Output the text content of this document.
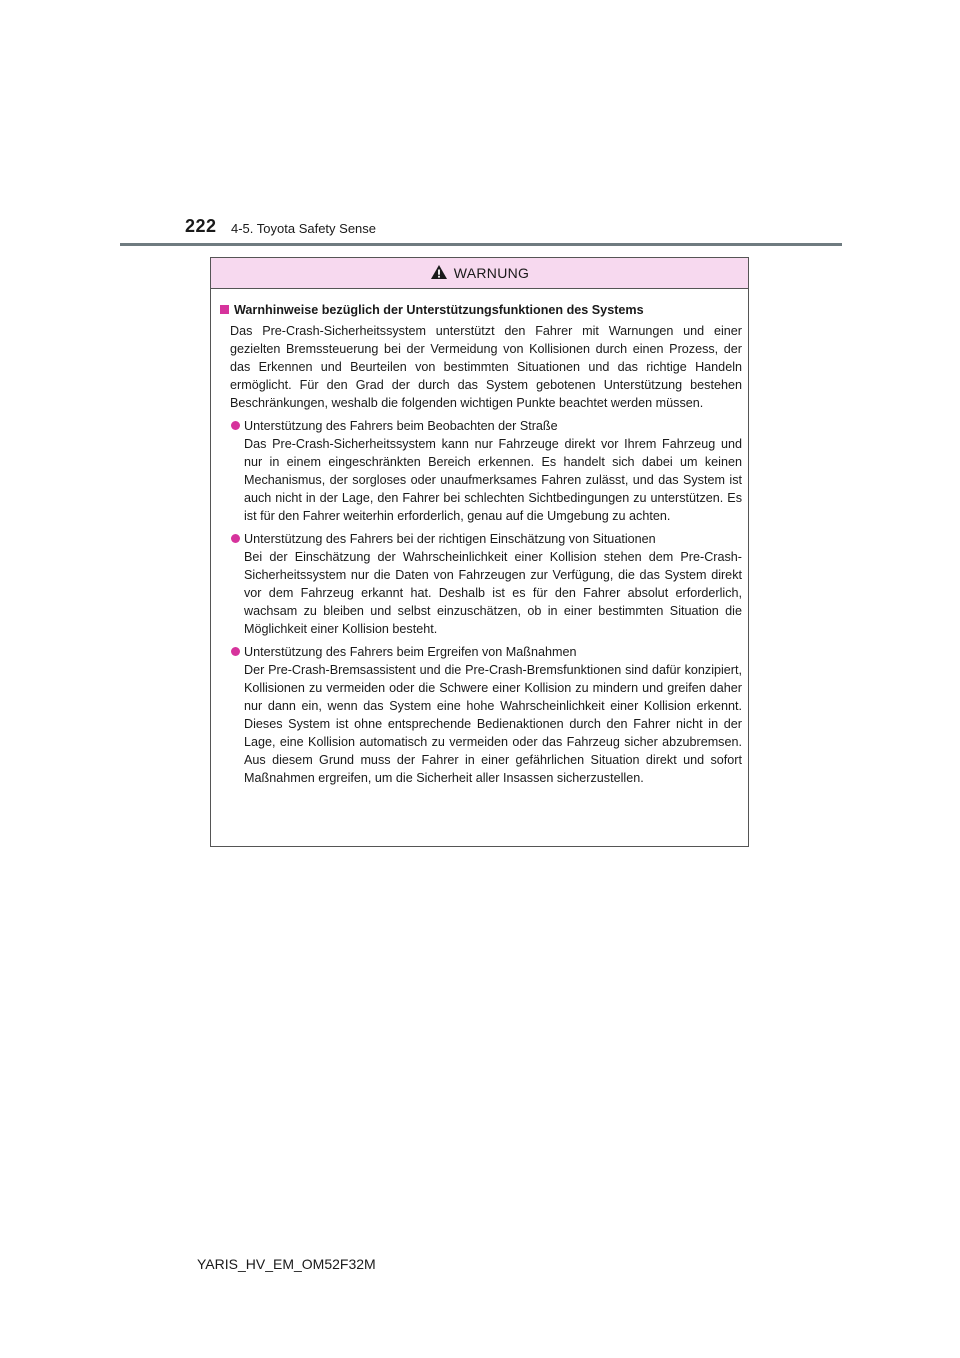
222 4-5. Toyota Safety Sense
WARNUNG
Warnhinweise bezüglich der Unterstützungsfunktionen des Systems
Das Pre-Crash-Sicherheitssystem unterstützt den Fahrer mit Warnungen und einer gezielten Bremssteuerung bei der Vermeidung von Kollisionen durch einen Prozess, der das Erkennen und Beurteilen von bestimmten Situationen und das richtige Handeln ermöglicht. Für den Grad der durch das System gebotenen Unterstützung bestehen Beschränkungen, weshalb die folgenden wichtigen Punkte beachtet werden müssen.
Unterstützung des Fahrers beim Beobachten der Straße
Das Pre-Crash-Sicherheitssystem kann nur Fahrzeuge direkt vor Ihrem Fahrzeug und nur in einem eingeschränkten Bereich erkennen. Es handelt sich dabei um keinen Mechanismus, der sorgloses oder unaufmerksames Fahren zulässt, und das System ist auch nicht in der Lage, den Fahrer bei schlechten Sichtbedingungen zu unterstützen. Es ist für den Fahrer weiterhin erforderlich, genau auf die Umgebung zu achten.
Unterstützung des Fahrers bei der richtigen Einschätzung von Situationen
Bei der Einschätzung der Wahrscheinlichkeit einer Kollision stehen dem Pre-Crash-Sicherheitssystem nur die Daten von Fahrzeugen zur Verfügung, die das System direkt vor dem Fahrzeug erkannt hat. Deshalb ist es für den Fahrer absolut erforderlich, wachsam zu bleiben und selbst einzuschätzen, ob in einer bestimmten Situation die Möglichkeit einer Kollision besteht.
Unterstützung des Fahrers beim Ergreifen von Maßnahmen
Der Pre-Crash-Bremsassistent und die Pre-Crash-Bremsfunktionen sind dafür konzipiert, Kollisionen zu vermeiden oder die Schwere einer Kollision zu mindern und greifen daher nur dann ein, wenn das System eine hohe Wahrscheinlichkeit einer Kollision erkennt. Dieses System ist ohne entsprechende Bedienaktionen durch den Fahrer nicht in der Lage, eine Kollision automatisch zu vermeiden oder das Fahrzeug sicher abzubremsen. Aus diesem Grund muss der Fahrer in einer gefährlichen Situation direkt und sofort Maßnahmen ergreifen, um die Sicherheit aller Insassen sicherzustellen.
YARIS_HV_EM_OM52F32M
